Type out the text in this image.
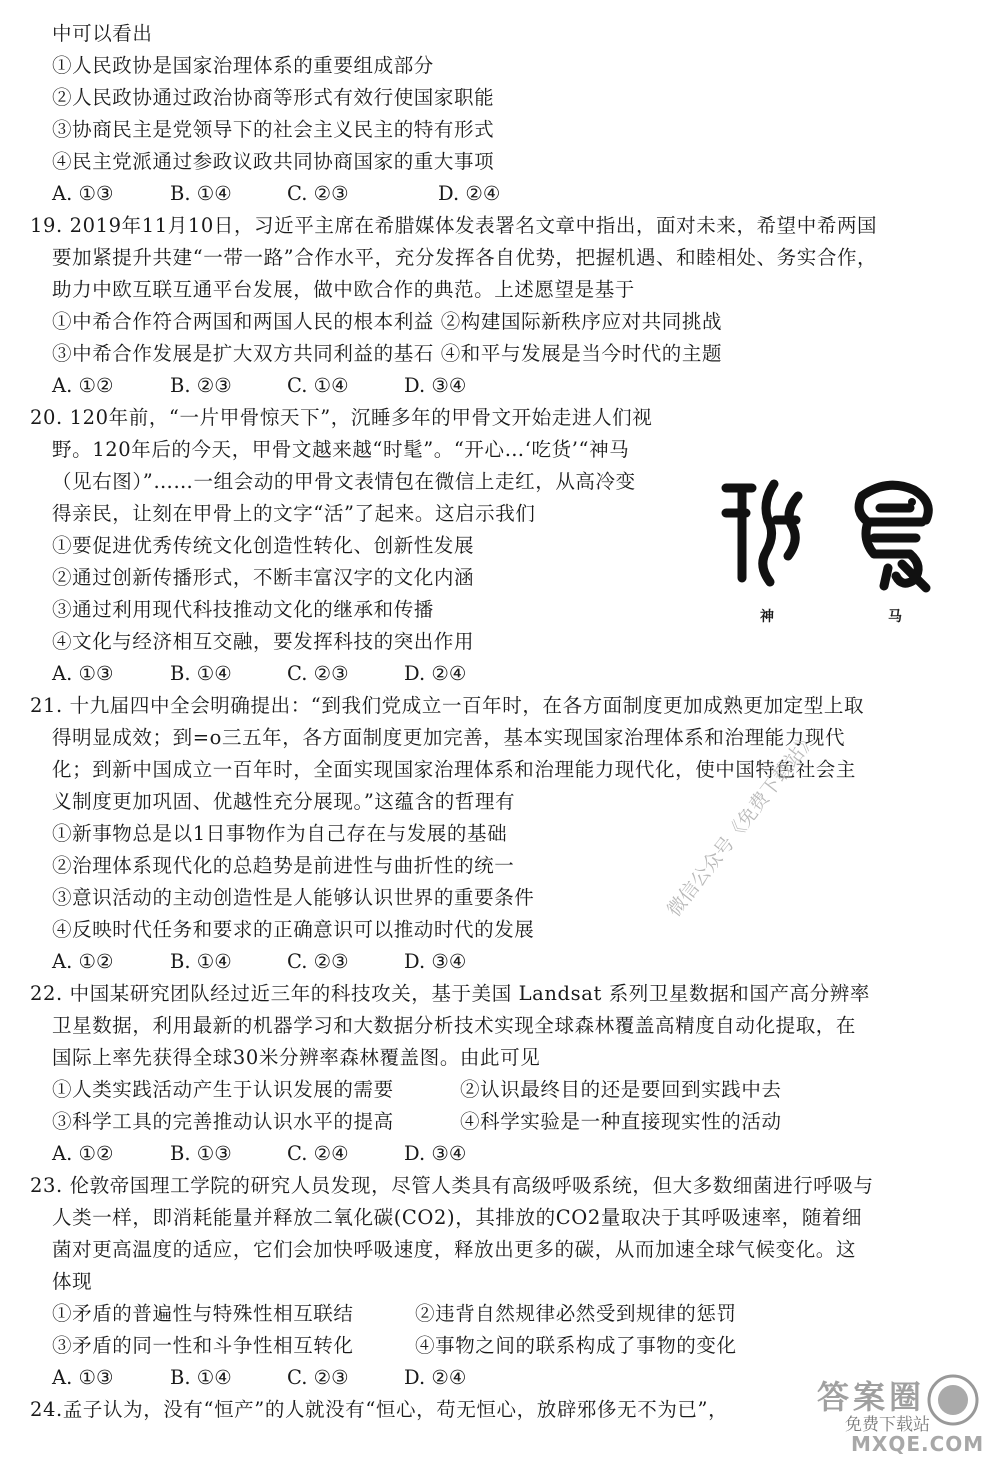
中可以看出
①人民政协是国家治理体系的重要组成部分
②人民政协通过政治协商等形式有效行使国家职能
③协商民主是党领导下的社会主义民主的特有形式
④民主党派通过参政议政共同协商国家的重大事项
A. ①③	B. ①④	C. ②③	D. ②④
19. 2019年11月10日，习近平主席在希腊媒体发表署名文章中指出，面对未来，希望中希两国
要加紧提升共建“一带一路”合作水平，充分发挥各自优势，把握机遇、和睦相处、务实合作，
助力中欧互联互通平台发展，做中欧合作的典范。上述愿望是基于
①中希合作符合两国和两国人民的根本利益 ②构建国际新秩序应对共同挑战
③中希合作发展是扩大双方共同利益的基石 ④和平与发展是当今时代的主题
A. ①②	B. ②③	C. ①④	D. ③④
20. 120年前，“一片甲骨惊天下”，沉睡多年的甲骨文开始走进人们视
野。120年后的今天，甲骨文越来越“时髦”。“开心…‘吃货’“神马
（见右图）”……一组会动的甲骨文表情包在微信上走红，从高冷变
得亲民，让刻在甲骨上的文字“活”了起来。这启示我们
①要促进优秀传统文化创造性转化、创新性发展
②通过创新传播形式，不断丰富汉字的文化内涵
③通过利用现代科技推动文化的继承和传播
④文化与经济相互交融，要发挥科技的突出作用
A. ①③	B. ①④	C. ②③	D. ②④
神	马
21. 十九届四中全会明确提出：“到我们党成立一百年时，在各方面制度更加成熟更加定型上取
得明显成效；到=o三五年，各方面制度更加完善，基本实现国家治理体系和治理能力现代
化；到新中国成立一百年时，全面实现国家治理体系和治理能力现代化，使中国特色社会主
义制度更加巩固、优越性充分展现。”这蕴含的哲理有
①新事物总是以1日事物作为自己存在与发展的基础
②治理体系现代化的总趋势是前进性与曲折性的统一
③意识活动的主动创造性是人能够认识世界的重要条件
④反映时代任务和要求的正确意识可以推动时代的发展
A. ①②	B. ①④	C. ②③	D. ③④
22. 中国某研究团队经过近三年的科技攻关，基于美国 Landsat 系列卫星数据和国产高分辨率
卫星数据，利用最新的机器学习和大数据分析技术实现全球森林覆盖高精度自动化提取，在
国际上率先获得全球30米分辨率森林覆盖图。由此可见
①人类实践活动产生于认识发展的需要	②认识最终目的还是要回到实践中去
③科学工具的完善推动认识水平的提高	④科学实验是一种直接现实性的活动
A. ①②	B. ①③	C. ②④	D. ③④
23. 伦敦帝国理工学院的研究人员发现，尽管人类具有高级呼吸系统，但大多数细菌进行呼吸与
人类一样，即消耗能量并释放二氧化碳(CO2)，其排放的CO2量取决于其呼吸速率，随着细
菌对更高温度的适应，它们会加快呼吸速度，释放出更多的碳，从而加速全球气候变化。这
体现
①矛盾的普遍性与特殊性相互联结	②违背自然规律必然受到规律的惩罚
③矛盾的同一性和斗争性相互转化	④事物之间的联系构成了事物的变化
A. ①③	B. ①④	C. ②③	D. ②④
24.孟子认为，没有“恒产”的人就没有“恒心，苟无恒心，放辟邪侈无不为已”，
微信公众号《免费下载站》
答案圈
免费下载站
MXQE.COM
